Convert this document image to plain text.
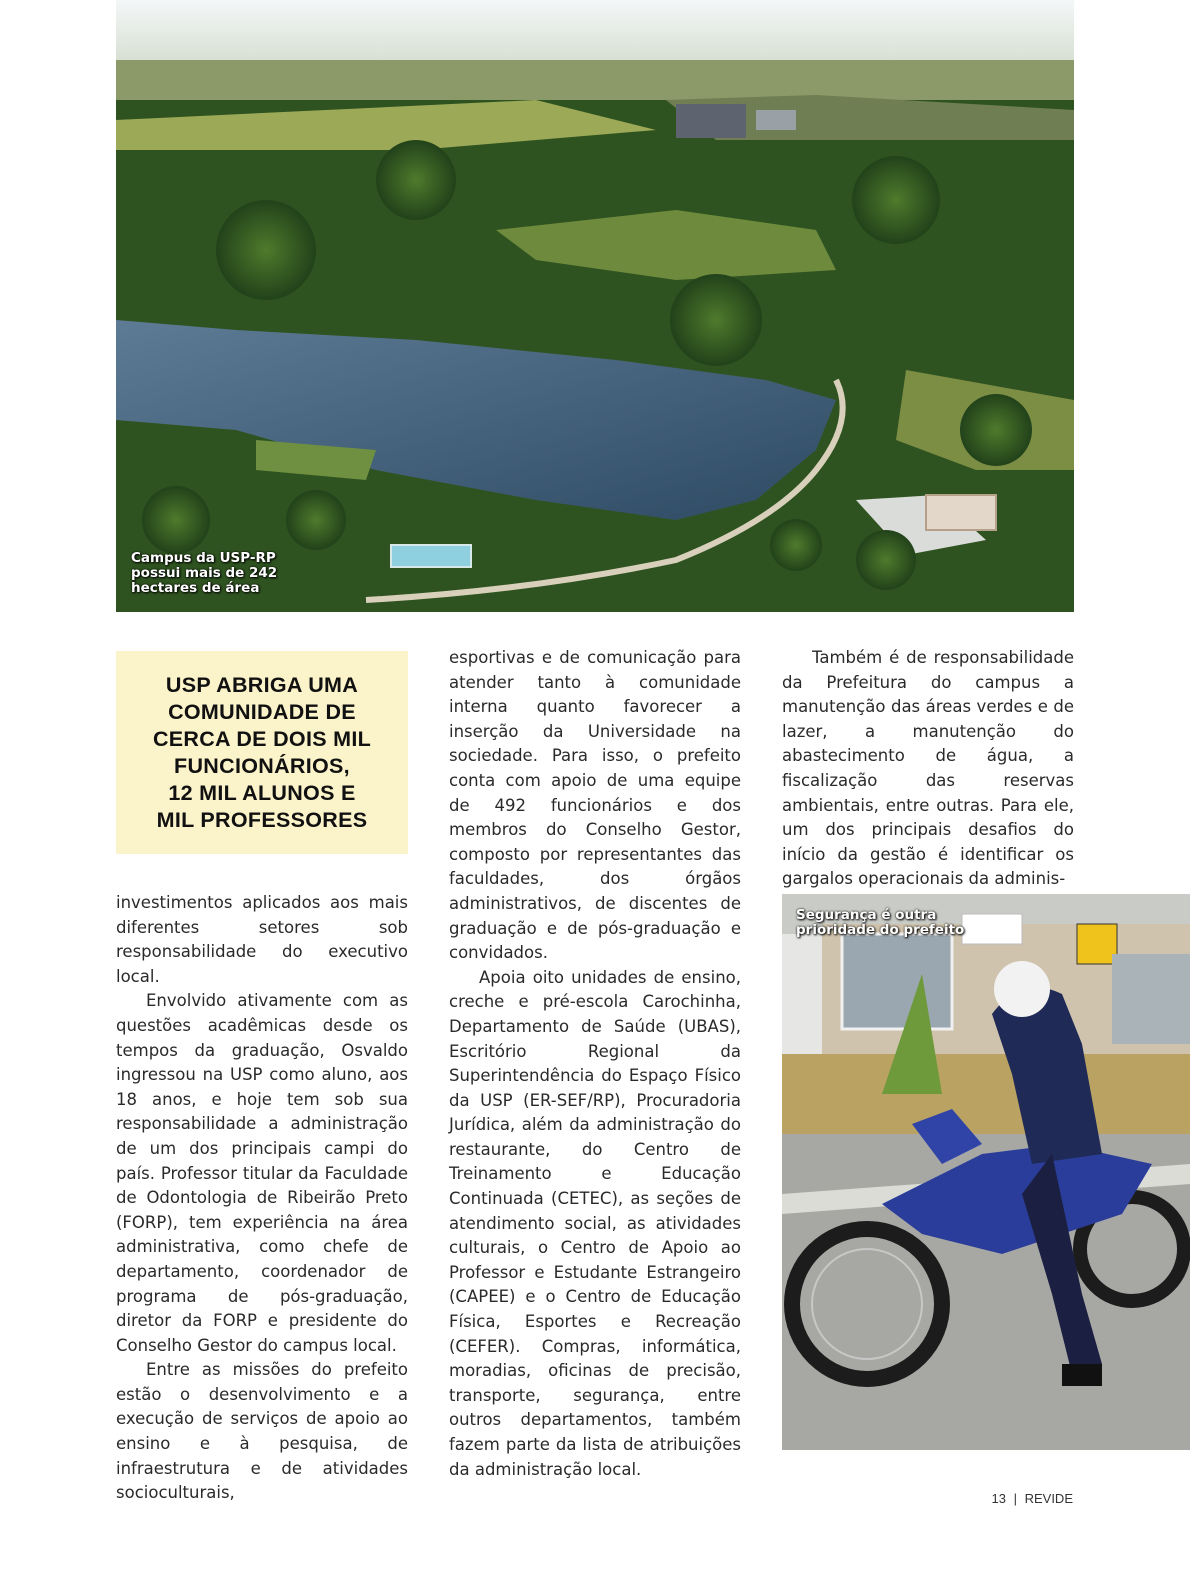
Campus da USP-RP
possui mais de 242
hectares de área
USP ABRIGA UMA
COMUNIDADE DE
CERCA DE DOIS MIL
FUNCIONÁRIOS,
12 MIL ALUNOS E
MIL PROFESSORES

investimentos aplicados aos mais diferentes setores sob responsabilidade do executivo local.

Envolvido ativamente com as questões acadêmicas desde os tempos da graduação, Osvaldo ingressou na USP como aluno, aos 18 anos, e hoje tem sob sua responsabilidade a administração de um dos principais campi do país. Professor titular da Faculdade de Odontologia de Ribeirão Preto (FORP), tem experiência na área administrativa, como chefe de departamento, coordenador de programa de pós-graduação, diretor da FORP e presidente do Conselho Gestor do campus local.

Entre as missões do prefeito estão o desenvolvimento e a execução de serviços de apoio ao ensino e à pesquisa, de infraestrutura e de atividades socioculturais,

esportivas e de comunicação para atender tanto à comunidade interna quanto favorecer a inserção da Universidade na sociedade. Para isso, o prefeito conta com apoio de uma equipe de 492 funcionários e dos membros do Conselho Gestor, composto por representantes das faculdades, dos órgãos administrativos, de discentes de graduação e de pós-graduação e convidados.

Apoia oito unidades de ensino, creche e pré-escola Carochinha, Departamento de Saúde (UBAS), Escritório Regional da Superintendência do Espaço Físico da USP (ER-SEF/RP), Procuradoria Jurídica, além da administração do restaurante, do Centro de Treinamento e Educação Continuada (CETEC), as seções de atendimento social, as atividades culturais, o Centro de Apoio ao Professor e Estudante Estrangeiro (CAPEE) e o Centro de Educação Física, Esportes e Recreação (CEFER). Compras, informática, moradias, oficinas de precisão, transporte, segurança, entre outros departamentos, também fazem parte da lista de atribuições da administração local.

Também é de responsabilidade da Prefeitura do campus a manutenção das áreas verdes e de lazer, a manutenção do abastecimento de água, a fiscalização das reservas ambientais, entre outras. Para ele, um dos principais desafios do início da gestão é identificar os gargalos operacionais da adminis-

Segurança é outra
prioridade do prefeito
13 | REVIDE
